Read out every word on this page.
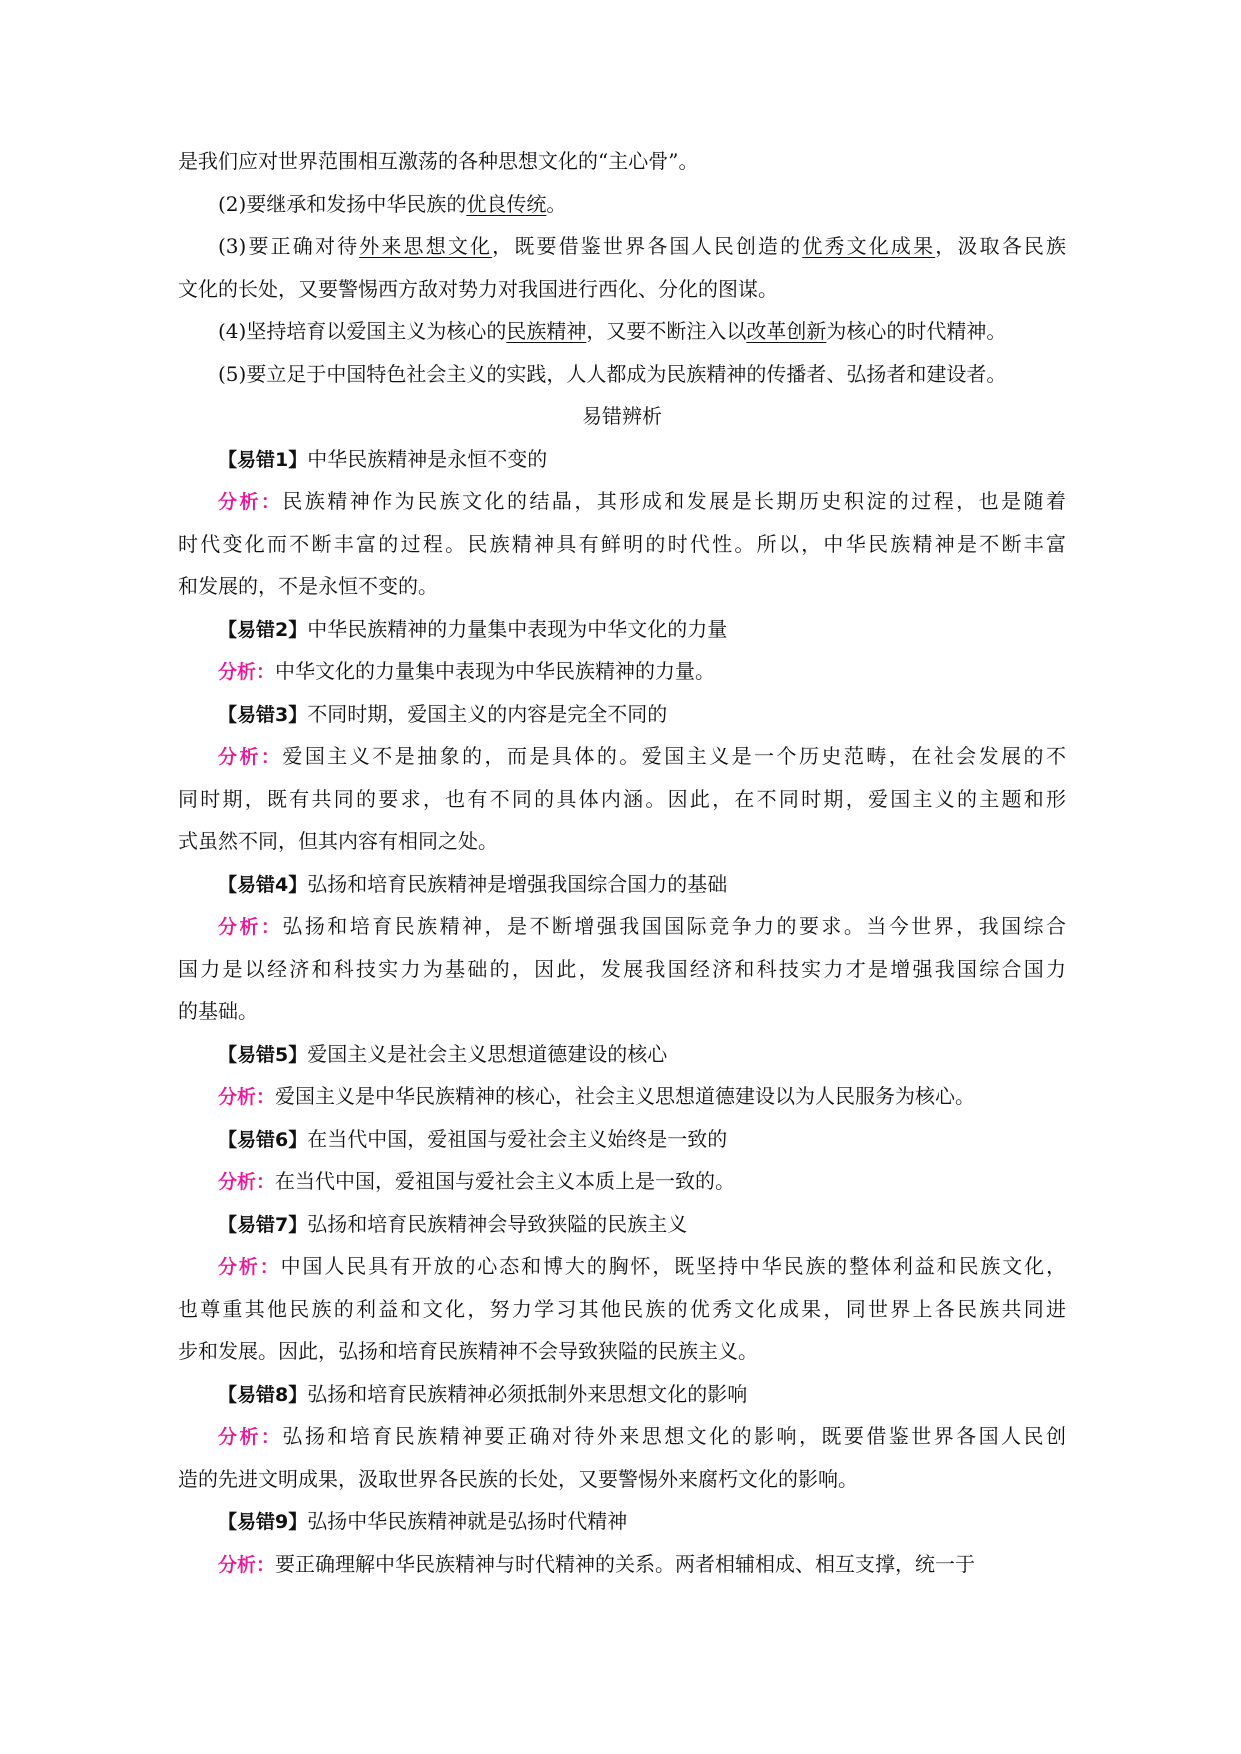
是我们应对世界范围相互激荡的各种思想文化的“主心骨”。
(2)要继承和发扬中华民族的优良传统。
(3)要正确对待外来思想文化，既要借鉴世界各国人民创造的优秀文化成果，汲取各民族
文化的长处，又要警惕西方敌对势力对我国进行西化、分化的图谋。
(4)坚持培育以爱国主义为核心的民族精神，又要不断注入以改革创新为核心的时代精神。
(5)要立足于中国特色社会主义的实践，人人都成为民族精神的传播者、弘扬者和建设者。
易错辨析
【易错1】中华民族精神是永恒不变的
分析：民族精神作为民族文化的结晶，其形成和发展是长期历史积淀的过程，也是随着
时代变化而不断丰富的过程。民族精神具有鲜明的时代性。所以，中华民族精神是不断丰富
和发展的，不是永恒不变的。
【易错2】中华民族精神的力量集中表现为中华文化的力量
分析：中华文化的力量集中表现为中华民族精神的力量。
【易错3】不同时期，爱国主义的内容是完全不同的
分析：爱国主义不是抽象的，而是具体的。爱国主义是一个历史范畴，在社会发展的不
同时期，既有共同的要求，也有不同的具体内涵。因此，在不同时期，爱国主义的主题和形
式虽然不同，但其内容有相同之处。
【易错4】弘扬和培育民族精神是增强我国综合国力的基础
分析：弘扬和培育民族精神，是不断增强我国国际竞争力的要求。当今世界，我国综合
国力是以经济和科技实力为基础的，因此，发展我国经济和科技实力才是增强我国综合国力
的基础。
【易错5】爱国主义是社会主义思想道德建设的核心
分析：爱国主义是中华民族精神的核心，社会主义思想道德建设以为人民服务为核心。
【易错6】在当代中国，爱祖国与爱社会主义始终是一致的
分析：在当代中国，爱祖国与爱社会主义本质上是一致的。
【易错7】弘扬和培育民族精神会导致狭隘的民族主义
分析：中国人民具有开放的心态和博大的胸怀，既坚持中华民族的整体利益和民族文化，
也尊重其他民族的利益和文化，努力学习其他民族的优秀文化成果，同世界上各民族共同进
步和发展。因此，弘扬和培育民族精神不会导致狭隘的民族主义。
【易错8】弘扬和培育民族精神必须抵制外来思想文化的影响
分析：弘扬和培育民族精神要正确对待外来思想文化的影响，既要借鉴世界各国人民创
造的先进文明成果，汲取世界各民族的长处，又要警惕外来腐朽文化的影响。
【易错9】弘扬中华民族精神就是弘扬时代精神
分析：要正确理解中华民族精神与时代精神的关系。两者相辅相成、相互支撑，统一于
